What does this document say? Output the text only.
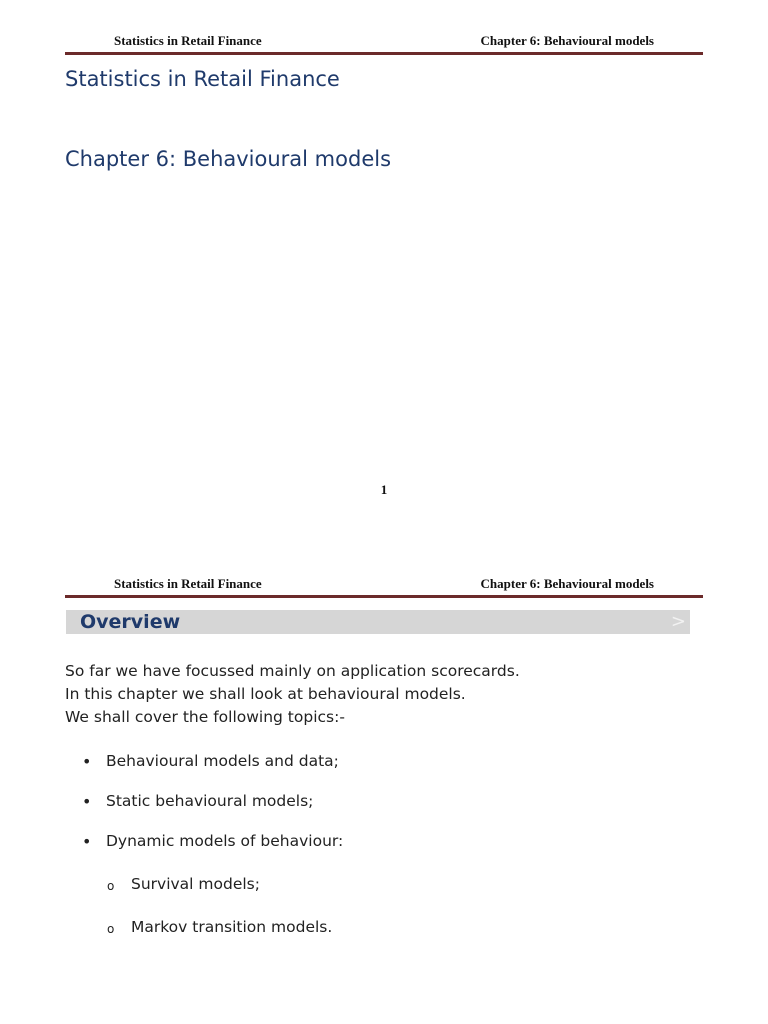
Statistics in Retail Finance	Chapter 6: Behavioural models
Statistics in Retail Finance
Chapter 6: Behavioural models
1
Statistics in Retail Finance	Chapter 6: Behavioural models
Overview	>

So far we have focussed mainly on application scorecards.

In this chapter we shall look at behavioural models.

We shall cover the following topics:-

• Behavioural models and data;
• Static behavioural models;
• Dynamic models of behaviour:
o Survival models;
o Markov transition models.
